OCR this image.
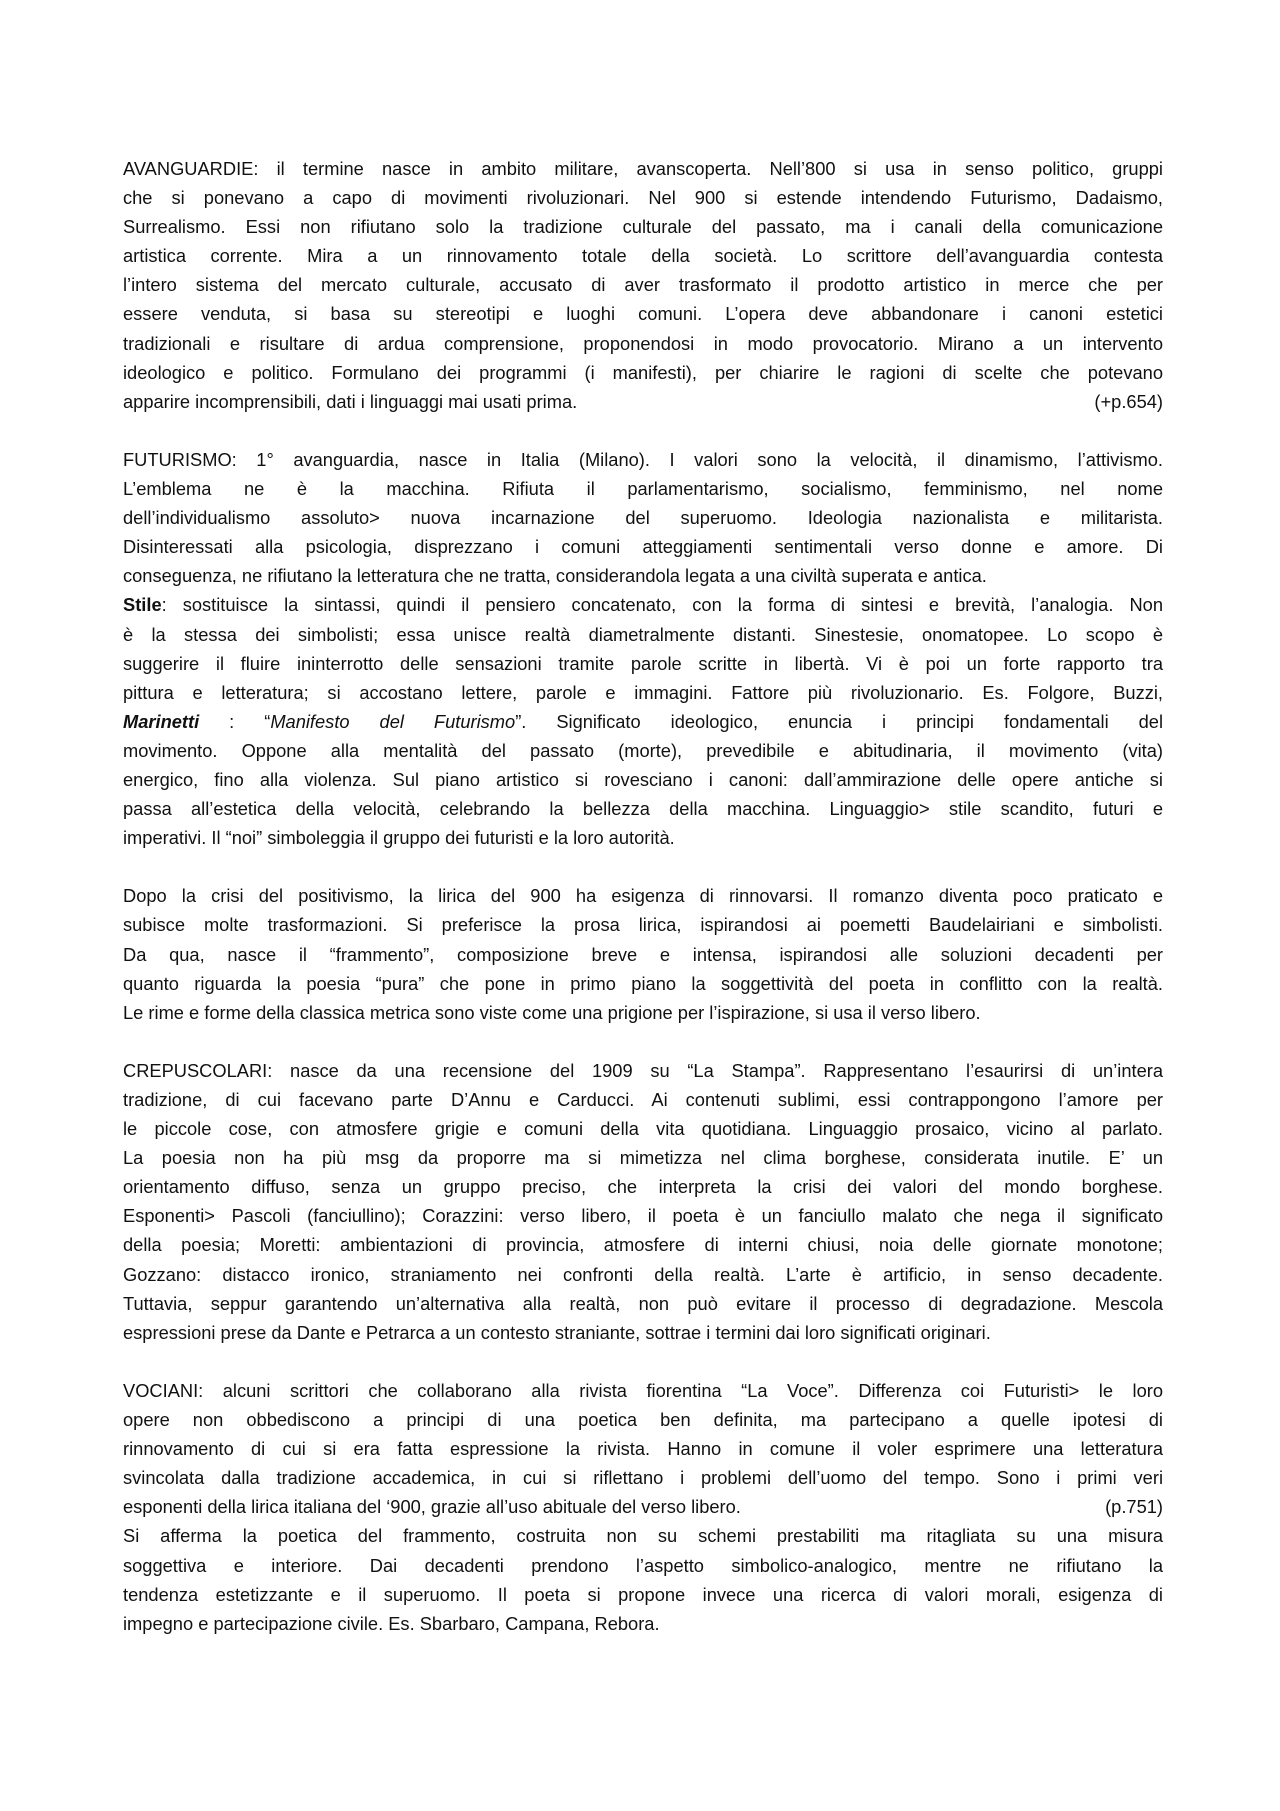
AVANGUARDIE: il termine nasce in ambito militare, avanscoperta. Nell’800 si usa in senso politico, gruppi
che si ponevano a capo di movimenti rivoluzionari. Nel 900 si estende intendendo Futurismo, Dadaismo,
Surrealismo. Essi non rifiutano solo la tradizione culturale del passato, ma i canali della comunicazione
artistica corrente. Mira a un rinnovamento totale della società. Lo scrittore dell’avanguardia contesta
l’intero sistema del mercato culturale, accusato di aver trasformato il prodotto artistico in merce che per
essere venduta, si basa su stereotipi e luoghi comuni. L’opera deve abbandonare i canoni estetici
tradizionali e risultare di ardua comprensione, proponendosi in modo provocatorio. Mirano a un intervento
ideologico e politico. Formulano dei programmi (i manifesti), per chiarire le ragioni di scelte che potevano
apparire incomprensibili, dati i linguaggi mai usati prima.	(+p.654)
FUTURISMO: 1° avanguardia, nasce in Italia (Milano). I valori sono la velocità, il dinamismo, l’attivismo.
L’emblema ne è la macchina. Rifiuta il parlamentarismo, socialismo, femminismo, nel nome
dell’individualismo assoluto> nuova incarnazione del superuomo. Ideologia nazionalista e militarista.
Disinteressati alla psicologia, disprezzano i comuni atteggiamenti sentimentali verso donne e amore. Di
conseguenza, ne rifiutano la letteratura che ne tratta, considerandola legata a una civiltà superata e antica.
Stile: sostituisce la sintassi, quindi il pensiero concatenato, con la forma di sintesi e brevità, l’analogia. Non
è la stessa dei simbolisti; essa unisce realtà diametralmente distanti. Sinestesie, onomatopee. Lo scopo è
suggerire il fluire ininterrotto delle sensazioni tramite parole scritte in libertà. Vi è poi un forte rapporto tra
pittura e letteratura; si accostano lettere, parole e immagini. Fattore più rivoluzionario. Es. Folgore, Buzzi,
Marinetti : “Manifesto del Futurismo”. Significato ideologico, enuncia i principi fondamentali del
movimento. Oppone alla mentalità del passato (morte), prevedibile e abitudinaria, il movimento (vita)
energico, fino alla violenza. Sul piano artistico si rovesciano i canoni: dall’ammirazione delle opere antiche si
passa all’estetica della velocità, celebrando la bellezza della macchina. Linguaggio> stile scandito, futuri e
imperativi. Il “noi” simboleggia il gruppo dei futuristi e la loro autorità.
Dopo la crisi del positivismo, la lirica del 900 ha esigenza di rinnovarsi. Il romanzo diventa poco praticato e
subisce molte trasformazioni. Si preferisce la prosa lirica, ispirandosi ai poemetti Baudelairiani e simbolisti.
Da qua, nasce il “frammento”, composizione breve e intensa, ispirandosi alle soluzioni decadenti per
quanto riguarda la poesia “pura” che pone in primo piano la soggettività del poeta in conflitto con la realtà.
Le rime e forme della classica metrica sono viste come una prigione per l’ispirazione, si usa il verso libero.
CREPUSCOLARI: nasce da una recensione del 1909 su “La Stampa”. Rappresentano l’esaurirsi di un’intera
tradizione, di cui facevano parte D’Annu e Carducci. Ai contenuti sublimi, essi contrappongono l’amore per
le piccole cose, con atmosfere grigie e comuni della vita quotidiana. Linguaggio prosaico, vicino al parlato.
La poesia non ha più msg da proporre ma si mimetizza nel clima borghese, considerata inutile. E’ un
orientamento diffuso, senza un gruppo preciso, che interpreta la crisi dei valori del mondo borghese.
Esponenti> Pascoli (fanciullino); Corazzini: verso libero, il poeta è un fanciullo malato che nega il significato
della poesia; Moretti: ambientazioni di provincia, atmosfere di interni chiusi, noia delle giornate monotone;
Gozzano: distacco ironico, straniamento nei confronti della realtà. L’arte è artificio, in senso decadente.
Tuttavia, seppur garantendo un’alternativa alla realtà, non può evitare il processo di degradazione. Mescola
espressioni prese da Dante e Petrarca a un contesto straniante, sottrae i termini dai loro significati originari.
VOCIANI: alcuni scrittori che collaborano alla rivista fiorentina “La Voce”. Differenza coi Futuristi> le loro
opere non obbediscono a principi di una poetica ben definita, ma partecipano a quelle ipotesi di
rinnovamento di cui si era fatta espressione la rivista. Hanno in comune il voler esprimere una letteratura
svincolata dalla tradizione accademica, in cui si riflettano i problemi dell’uomo del tempo. Sono i primi veri
esponenti della lirica italiana del ‘900, grazie all’uso abituale del verso libero.	(p.751)
Si afferma la poetica del frammento, costruita non su schemi prestabiliti ma ritagliata su una misura
soggettiva e interiore. Dai decadenti prendono l’aspetto simbolico-analogico, mentre ne rifiutano la
tendenza estetizzante e il superuomo. Il poeta si propone invece una ricerca di valori morali, esigenza di
impegno e partecipazione civile. Es. Sbarbaro, Campana, Rebora.
